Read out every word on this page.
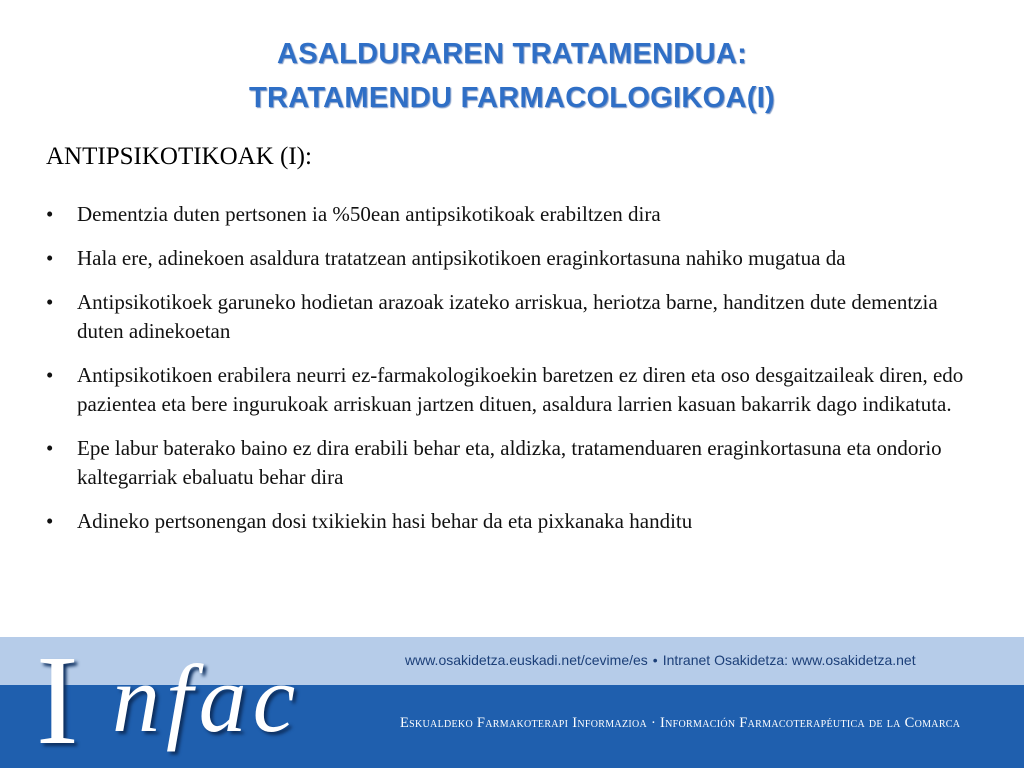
ASALDURAREN TRATAMENDUA:
TRATAMENDU FARMACOLOGIKOA(I)
ANTIPSIKOTIKOAK (I):
• Dementzia duten pertsonen ia %50ean antipsikotikoak erabiltzen dira
• Hala ere, adinekoen asaldura tratatzean antipsikotikoen eraginkortasuna nahiko mugatua da
• Antipsikotikoek garuneko hodietan arazoak izateko arriskua, heriotza barne, handitzen dute dementzia duten adinekoetan
• Antipsikotikoen erabilera neurri ez-farmakologikoekin baretzen ez diren eta oso desgaitzaileak diren, edo pazientea eta bere ingurukoak arriskuan jartzen dituen, asaldura larrien kasuan bakarrik dago indikatuta.
• Epe labur baterako baino ez dira erabili behar eta, aldizka, tratamenduaren eraginkortasuna eta ondorio kaltegarriak ebaluatu behar dira
• Adineko pertsonengan dosi txikiekin hasi behar da eta pixkanaka handitu
I nfac	www.osakidetza.euskadi.net/cevime/es • Intranet Osakidetza: www.osakidetza.net
Eskualdeko Farmakoterapi Informazioa · Información Farmacoterapéutica de la Comarca
